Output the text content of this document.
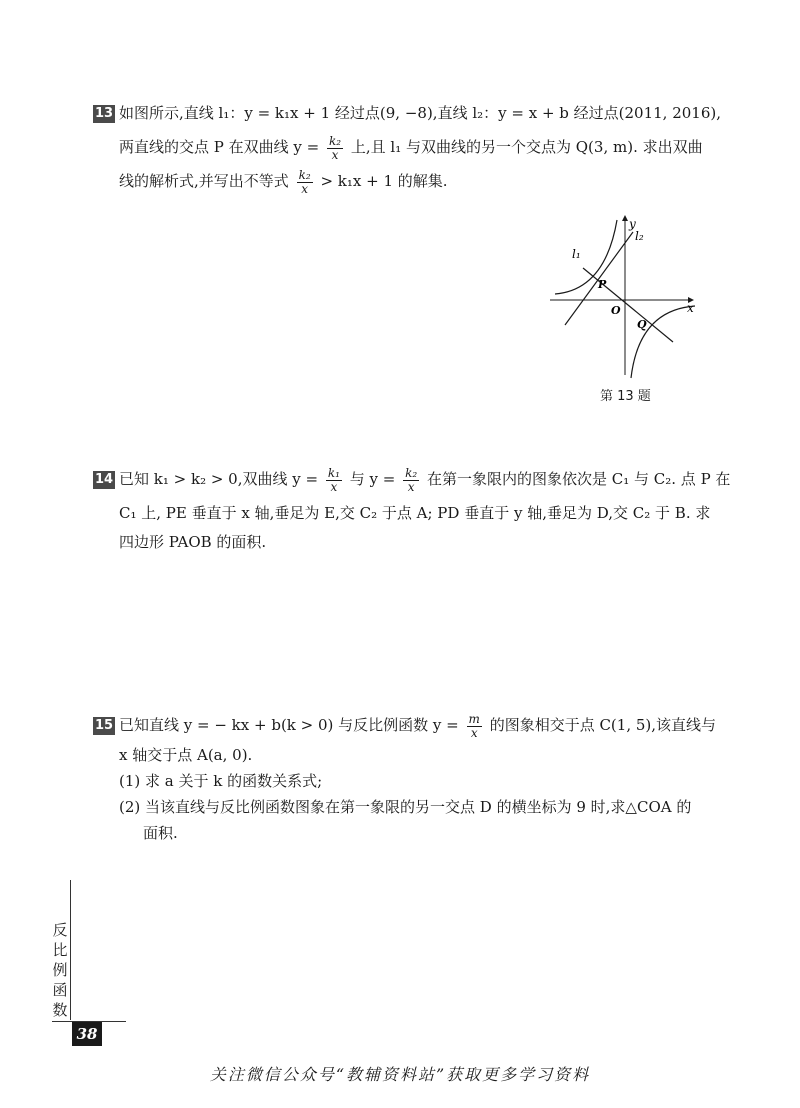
13 如图所示,直线 l₁：y = k₁x + 1 经过点(9, −8),直线 l₂：y = x + b 经过点(2011, 2016),
两直线的交点 P 在双曲线 $y = \frac{\text{k₂}}{x}$ 上,且 l₁ 与双曲线的另一个交点为 Q(3, m). 求出双曲
线的解析式,并写出不等式 $\frac{\text{k₂}}{x} > k_1x + 1$ 的解集.
l₁
l₂
y
x
P
O
Q
第 13 题
14 已知 k₁ > k₂ > 0,双曲线 $y = \frac{\text{k₁}}{x}$ 与 $y = \frac{\text{k₂}}{x}$ 在第一象限内的图象依次是 C₁ 与 C₂. 点 P 在
C₁ 上, PE 垂直于 x 轴,垂足为 E,交 C₂ 于点 A; PD 垂直于 y 轴,垂足为 D,交 C₂ 于 B. 求
四边形 PAOB 的面积.
15 已知直线 y = − kx + b(k > 0) 与反比例函数 $y = \frac{m}{x}$ 的图象相交于点 C(1, 5),该直线与
x 轴交于点 A(a, 0).
(1) 求 a 关于 k 的函数关系式;
(2) 当该直线与反比例函数图象在第一象限的另一交点 D 的横坐标为 9 时,求△COA 的
面积.
反
比
例
函
数
38
关注微信公众号“教辅资料站”获取更多学习资料
